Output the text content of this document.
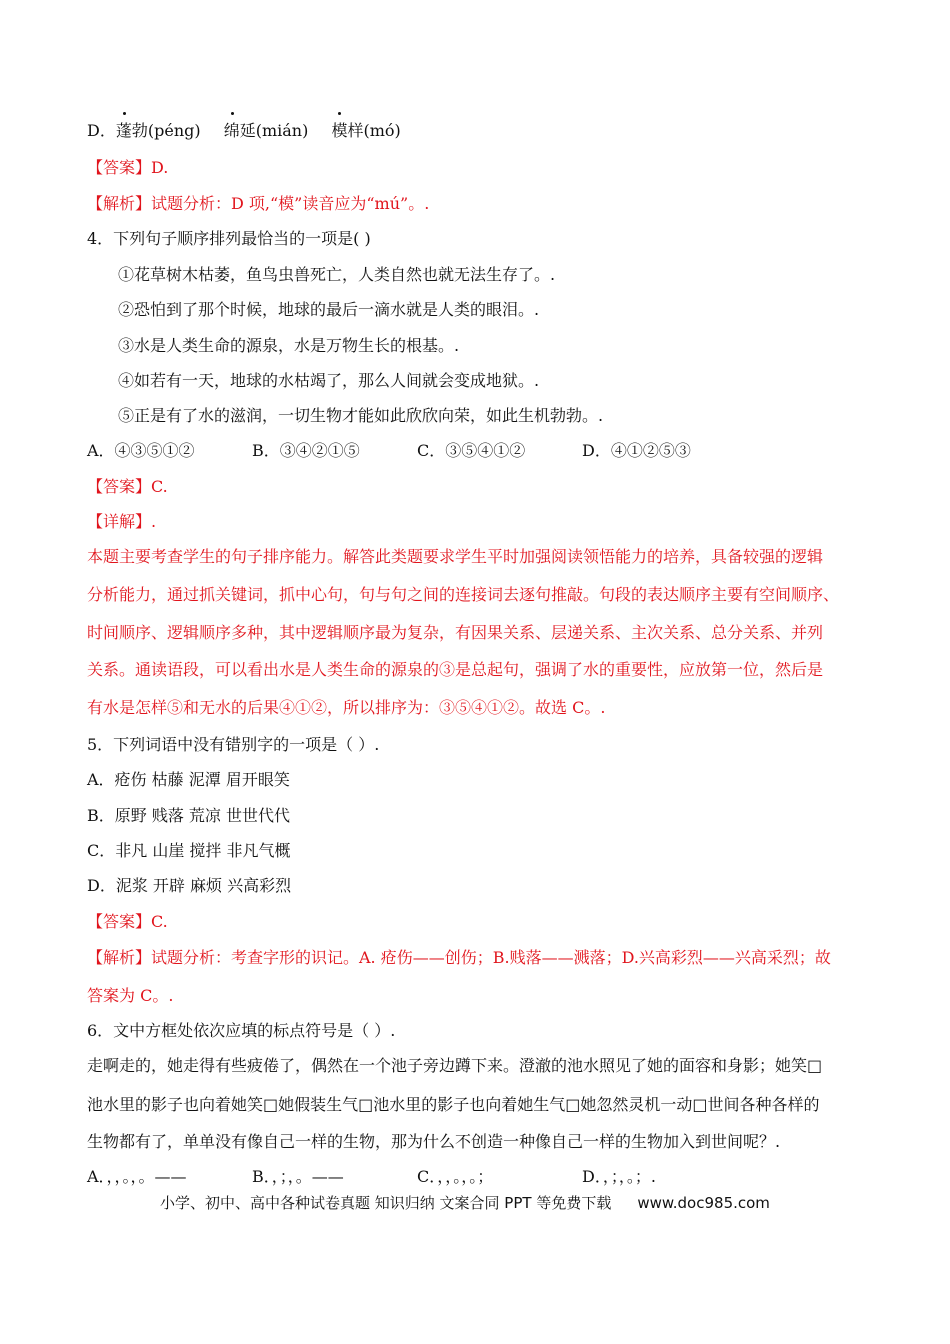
D．蓬勃(péng) 绵延(mián) 模样(mó)
【答案】D.
【解析】试题分析：D 项,“模”读音应为“mú”。.
4．下列句子顺序排列最恰当的一项是( )
①花草树木枯萎，鱼鸟虫兽死亡，人类自然也就无法生存了。.
②恐怕到了那个时候，地球的最后一滴水就是人类的眼泪。.
③水是人类生命的源泉，水是万物生长的根基。.
④如若有一天，地球的水枯竭了，那么人间就会变成地狱。.
⑤正是有了水的滋润，一切生物才能如此欣欣向荣，如此生机勃勃。.
A．④③⑤①②	B．③④②①⑤	C．③⑤④①②	D．④①②⑤③
【答案】C.
【详解】.
本题主要考查学生的句子排序能力。解答此类题要求学生平时加强阅读领悟能力的培养，具备较强的逻辑
分析能力，通过抓关键词，抓中心句，句与句之间的连接词去逐句推敲。句段的表达顺序主要有空间顺序、
时间顺序、逻辑顺序多种，其中逻辑顺序最为复杂，有因果关系、层递关系、主次关系、总分关系、并列
关系。通读语段，可以看出水是人类生命的源泉的③是总起句，强调了水的重要性，应放第一位，然后是
有水是怎样⑤和无水的后果④①②，所以排序为：③⑤④①②。故选 C。.
5．下列词语中没有错别字的一项是（ ）.
A．疮伤 枯藤 泥潭 眉开眼笑
B．原野 贱落 荒凉 世世代代
C．非凡 山崖 搅拌 非凡气概
D．泥浆 开辟 麻烦 兴高彩烈
【答案】C.
【解析】试题分析：考查字形的识记。A. 疮伤——创伤；B.贱落——溅落；D.兴高彩烈——兴高采烈；故
答案为 C。.
6．文中方框处依次应填的标点符号是（ ）.
走啊走的，她走得有些疲倦了，偶然在一个池子旁边蹲下来。澄澈的池水照见了她的面容和身影；她笑□
池水里的影子也向着她笑□她假装生气□池水里的影子也向着她生气□她忽然灵机一动□世间各种各样的
生物都有了，单单没有像自己一样的生物，那为什么不创造一种像自己一样的生物加入到世间呢？.
A．，，。，。——	B．，；，。——	C．，，。，。；	D．，；，。；.
小学、初中、高中各种试卷真题 知识归纳 文案合同 PPT 等免费下载 www.doc985.com
